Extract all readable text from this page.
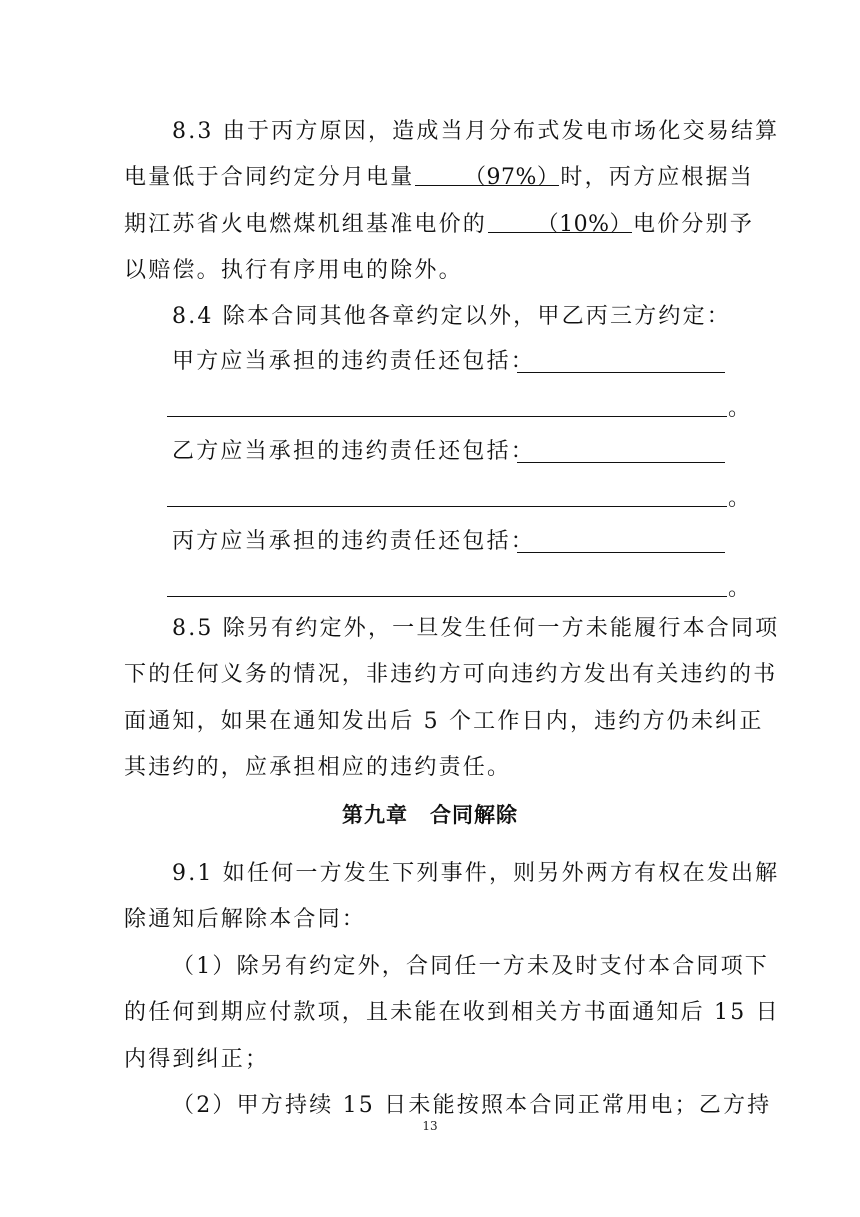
8.3 由于丙方原因，造成当月分布式发电市场化交易结算
电量低于合同约定分月电量 （97%）时，丙方应根据当
期江苏省火电燃煤机组基准电价的 （10%）电价分别予
以赔偿。执行有序用电的除外。
8.4 除本合同其他各章约定以外，甲乙丙三方约定：
甲方应当承担的违约责任还包括：
。
乙方应当承担的违约责任还包括：
。
丙方应当承担的违约责任还包括：
。
8.5 除另有约定外，一旦发生任何一方未能履行本合同项
下的任何义务的情况，非违约方可向违约方发出有关违约的书
面通知，如果在通知发出后 5 个工作日内，违约方仍未纠正
其违约的，应承担相应的违约责任。
第九章　合同解除
9.1 如任何一方发生下列事件，则另外两方有权在发出解
除通知后解除本合同：
（1）除另有约定外，合同任一方未及时支付本合同项下
的任何到期应付款项，且未能在收到相关方书面通知后 15 日
内得到纠正；
（2）甲方持续 15 日未能按照本合同正常用电；乙方持
13
